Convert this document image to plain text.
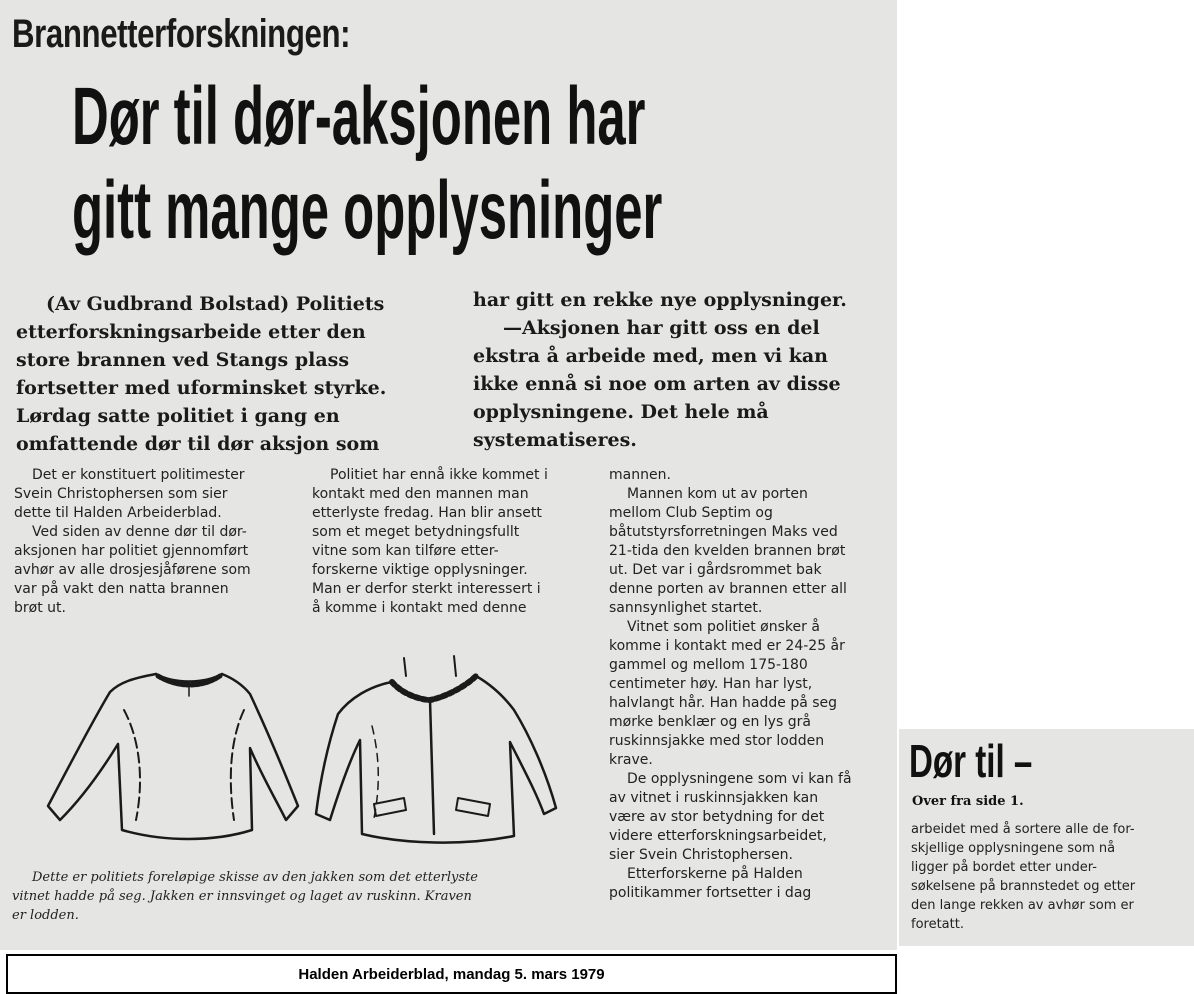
Brannetterforskningen:
Dør til dør-aksjonen har
gitt mange opplysninger
(Av Gudbrand Bolstad) Politiets
etterforskningsarbeide etter den
store brannen ved Stangs plass
fortsetter med uforminsket styrke.
Lørdag satte politiet i gang en
omfattende dør til dør aksjon som
har gitt en rekke nye opplysninger.
—Aksjonen har gitt oss en del
ekstra å arbeide med, men vi kan
ikke ennå si noe om arten av disse
opplysningene. Det hele må
systematiseres.
Det er konstituert politimester
Svein Christophersen som sier
dette til Halden Arbeiderblad.
Ved siden av denne dør til dør-
aksjonen har politiet gjennomført
avhør av alle drosjesjåførene som
var på vakt den natta brannen
brøt ut.
Politiet har ennå ikke kommet i
kontakt med den mannen man
etterlyste fredag. Han blir ansett
som et meget betydningsfullt
vitne som kan tilføre etter-
forskerne viktige opplysninger.
Man er derfor sterkt interessert i
å komme i kontakt med denne
mannen.
Mannen kom ut av porten
mellom Club Septim og
båtutstyrsforretningen Maks ved
21-tida den kvelden brannen brøt
ut. Det var i gårdsrommet bak
denne porten av brannen etter all
sannsynlighet startet.
Vitnet som politiet ønsker å
komme i kontakt med er 24-25 år
gammel og mellom 175-180
centimeter høy. Han har lyst,
halvlangt hår. Han hadde på seg
mørke benklær og en lys grå
ruskinnsjakke med stor lodden
krave.
De opplysningene som vi kan få
av vitnet i ruskinnsjakken kan
være av stor betydning for det
videre etterforskningsarbeidet,
sier Svein Christophersen.
Etterforskerne på Halden
politikammer fortsetter i dag
Dette er politiets foreløpige skisse av den jakken som det etterlyste
vitnet hadde på seg. Jakken er innsvinget og laget av ruskinn. Kraven
er lodden.
Dør til –
Over fra side 1.
arbeidet med å sortere alle de for-
skjellige opplysningene som nå
ligger på bordet etter under-
søkelsene på brannstedet og etter
den lange rekken av avhør som er
foretatt.
Halden Arbeiderblad, mandag 5. mars 1979
